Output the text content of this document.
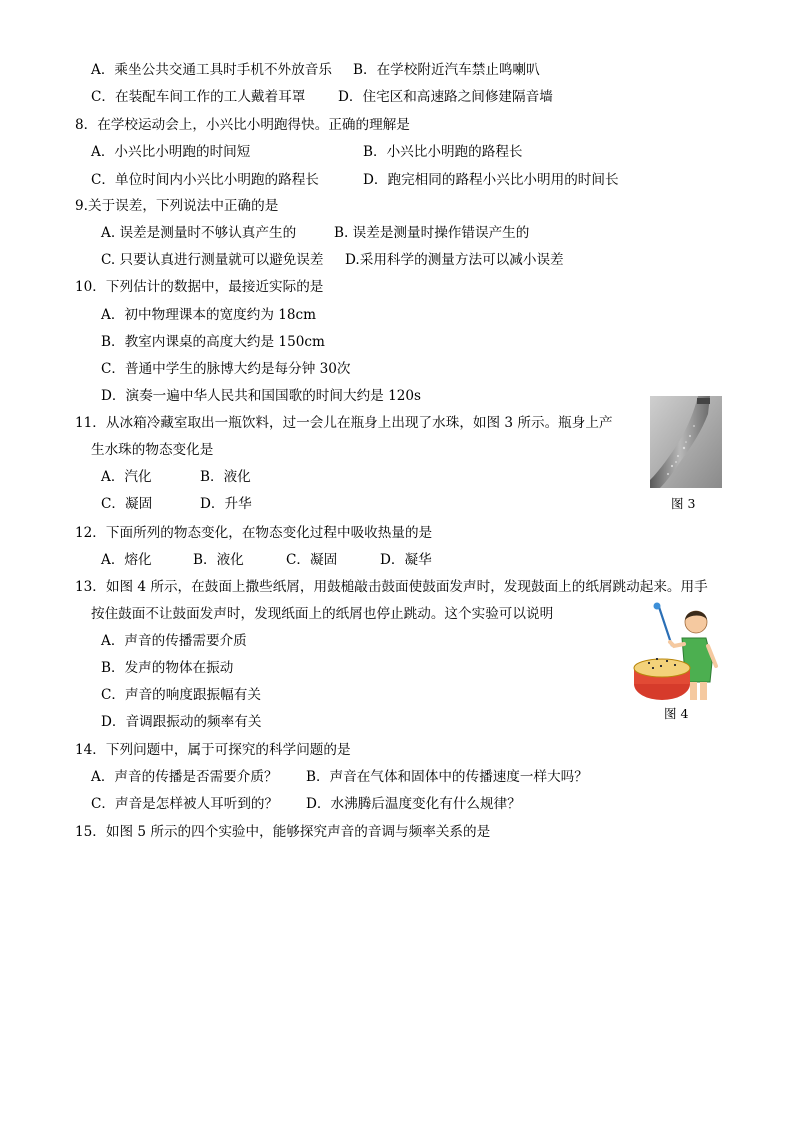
A．乘坐公共交通工具时手机不外放音乐 B．在学校附近汽车禁止鸣喇叭
C．在装配车间工作的工人戴着耳罩 D．住宅区和高速路之间修建隔音墙
8．在学校运动会上，小兴比小明跑得快。正确的理解是
A．小兴比小明跑的时间短	B．小兴比小明跑的路程长
C．单位时间内小兴比小明跑的路程长	D．跑完相同的路程小兴比小明用的时间长
9.关于误差，下列说法中正确的是
A. 误差是测量时不够认真产生的	B. 误差是测量时操作错误产生的
C. 只要认真进行测量就可以避免误差 D.采用科学的测量方法可以减小误差
10．下列估计的数据中，最接近实际的是
A．初中物理课本的宽度约为 18cm
B．教室内课桌的高度大约是 150cm
C．普通中学生的脉博大约是每分钟 30次
D．演奏一遍中华人民共和国国歌的时间大约是 120s
11．从冰箱冷藏室取出一瓶饮料，过一会儿在瓶身上出现了水珠，如图 3 所示。瓶身上产
生水珠的物态变化是
A．汽化	B．液化
C．凝固	D．升华	图 3
12．下面所列的物态变化，在物态变化过程中吸收热量的是
A．熔化	B．液化	C．凝固	D．凝华
13．如图 4 所示，在鼓面上撒些纸屑，用鼓槌敲击鼓面使鼓面发声时，发现鼓面上的纸屑跳动起来。用手
按住鼓面不让鼓面发声时，发现纸面上的纸屑也停止跳动。这个实验可以说明
A．声音的传播需要介质
B．发声的物体在振动
C．声音的响度跟振幅有关
D．音调跟振动的频率有关
图 4
14．下列问题中，属于可探究的科学问题的是
A．声音的传播是否需要介质？ B．声音在气体和固体中的传播速度一样大吗？
C．声音是怎样被人耳听到的？ D．水沸腾后温度变化有什么规律？
15．如图 5 所示的四个实验中，能够探究声音的音调与频率关系的是
